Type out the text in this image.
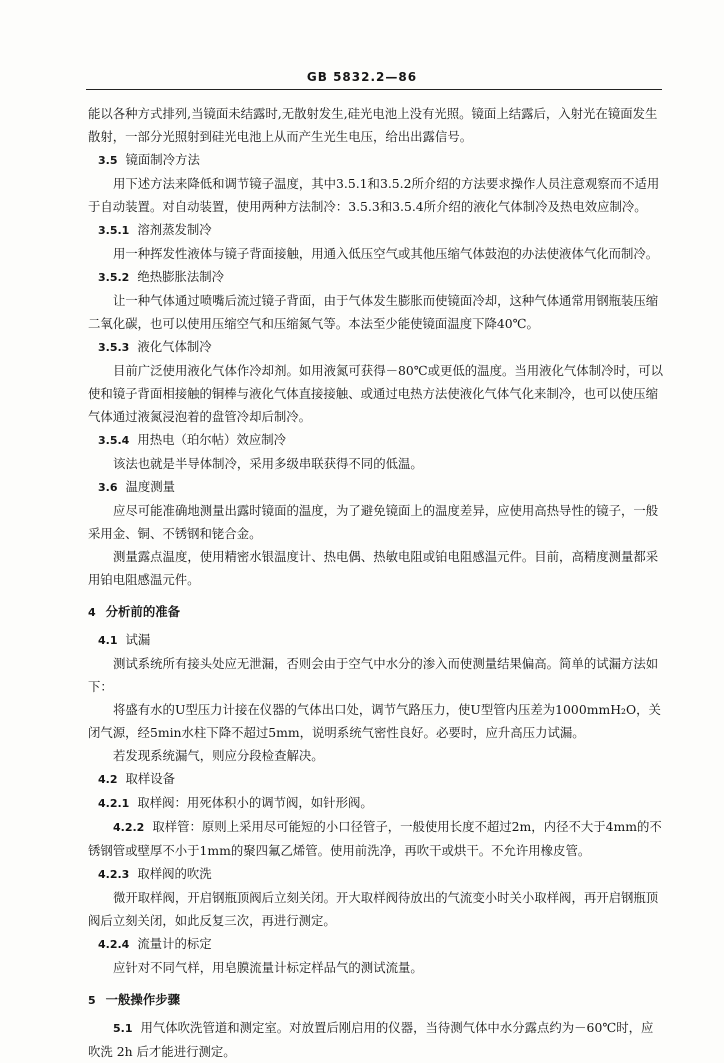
GB 5832.2—86

能以各种方式排列,当镜面未结露时,无散射发生,硅光电池上没有光照。镜面上结露后，入射光在镜面发生散射，一部分光照射到硅光电池上从而产生光生电压，给出出露信号。

3.5 镜面制冷方法

用下述方法来降低和调节镜子温度，其中3.5.1和3.5.2所介绍的方法要求操作人员注意观察而不适用于自动装置。对自动装置，使用两种方法制冷：3.5.3和3.5.4所介绍的液化气体制冷及热电效应制冷。

3.5.1 溶剂蒸发制冷

用一种挥发性液体与镜子背面接触，用通入低压空气或其他压缩气体鼓泡的办法使液体气化而制冷。

3.5.2 绝热膨胀法制冷

让一种气体通过喷嘴后流过镜子背面，由于气体发生膨胀而使镜面冷却，这种气体通常用钢瓶装压缩二氧化碳，也可以使用压缩空气和压缩氮气等。本法至少能使镜面温度下降40℃。

3.5.3 液化气体制冷

目前广泛使用液化气体作冷却剂。如用液氮可获得－80℃或更低的温度。当用液化气体制冷时，可以使和镜子背面相接触的铜棒与液化气体直接接触、或通过电热方法使液化气体气化来制冷，也可以使压缩气体通过液氮浸泡着的盘管冷却后制冷。

3.5.4 用热电（珀尔帖）效应制冷

该法也就是半导体制冷，采用多级串联获得不同的低温。

3.6 温度测量

应尽可能准确地测量出露时镜面的温度，为了避免镜面上的温度差异，应使用高热导性的镜子，一般采用金、铜、不锈钢和铑合金。

测量露点温度，使用精密水银温度计、热电偶、热敏电阻或铂电阻感温元件。目前，高精度测量都采用铂电阻感温元件。

4 分析前的准备

4.1 试漏

测试系统所有接头处应无泄漏，否则会由于空气中水分的渗入而使测量结果偏高。简单的试漏方法如下：

将盛有水的U型压力计接在仪器的气体出口处，调节气路压力，使U型管内压差为1000mmH₂O，关闭气源，经5min水柱下降不超过5mm，说明系统气密性良好。必要时，应升高压力试漏。

若发现系统漏气，则应分段检查解决。

4.2 取样设备

4.2.1 取样阀：用死体积小的调节阀，如针形阀。

4.2.2 取样管：原则上采用尽可能短的小口径管子，一般使用长度不超过2m，内径不大于4mm的不锈钢管或壁厚不小于1mm的聚四氟乙烯管。使用前洗净，再吹干或烘干。不允许用橡皮管。

4.2.3 取样阀的吹洗

微开取样阀，开启钢瓶顶阀后立刻关闭。开大取样阀待放出的气流变小时关小取样阀，再开启钢瓶顶阀后立刻关闭，如此反复三次，再进行测定。

4.2.4 流量计的标定

应针对不同气样，用皂膜流量计标定样品气的测试流量。

5 一般操作步骤

5.1 用气体吹洗管道和测定室。对放置后刚启用的仪器，当待测气体中水分露点约为－60℃时，应吹洗 2h 后才能进行测定。
